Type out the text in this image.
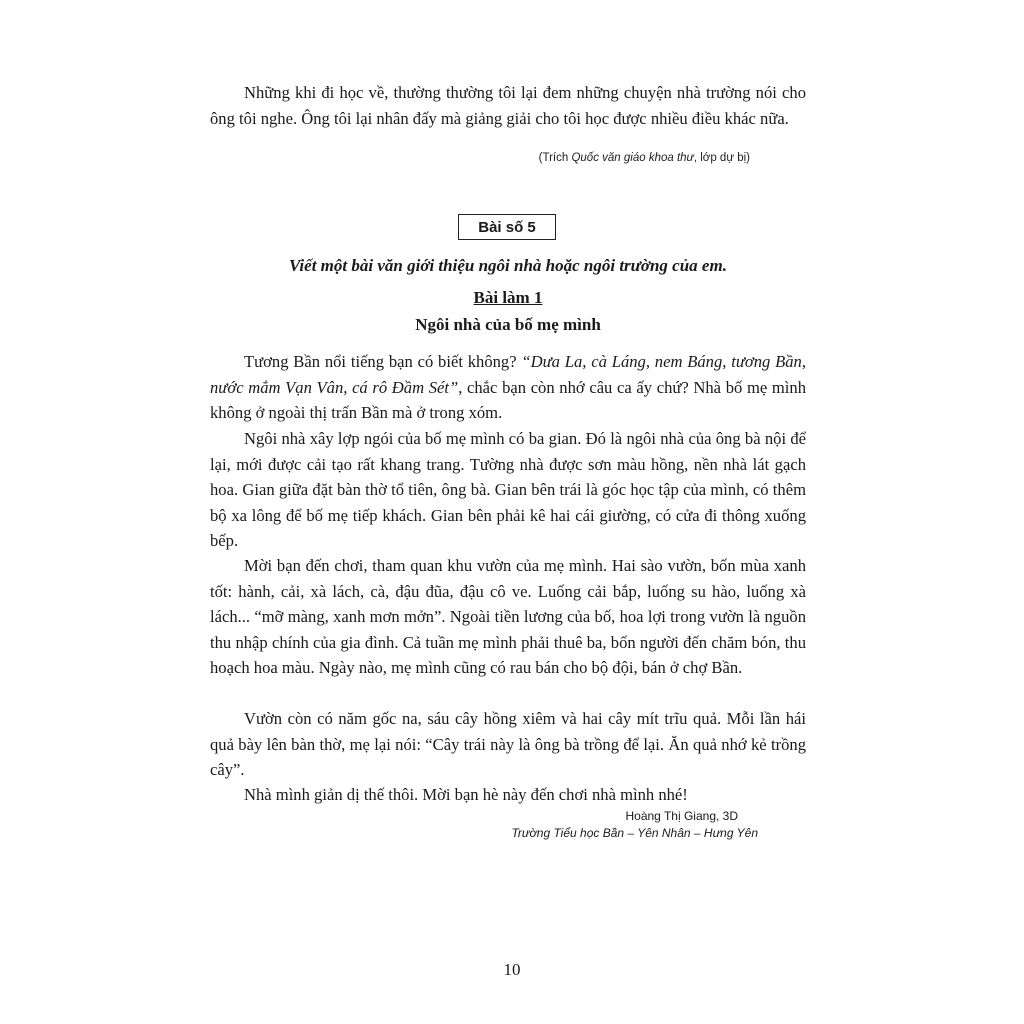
Những khi đi học về, thường thường tôi lại đem những chuyện nhà trường nói cho ông tôi nghe. Ông tôi lại nhân đấy mà giảng giải cho tôi học được nhiều điều khác nữa.

(Trích Quốc văn giáo khoa thư, lớp dự bị)
Bài số 5
Viết một bài văn giới thiệu ngôi nhà hoặc ngôi trường của em.
Bài làm 1
Ngôi nhà của bố mẹ mình

Tương Bần nổi tiếng bạn có biết không? “Dưa La, cà Láng, nem Báng, tương Bần, nước mắm Vạn Vân, cá rô Đầm Sét”, chắc bạn còn nhớ câu ca ấy chứ? Nhà bố mẹ mình không ở ngoài thị trấn Bần mà ở trong xóm.

Ngôi nhà xây lợp ngói của bố mẹ mình có ba gian. Đó là ngôi nhà của ông bà nội để lại, mới được cải tạo rất khang trang. Tường nhà được sơn màu hồng, nền nhà lát gạch hoa. Gian giữa đặt bàn thờ tổ tiên, ông bà. Gian bên trái là góc học tập của mình, có thêm bộ xa lông để bố mẹ tiếp khách. Gian bên phải kê hai cái giường, có cửa đi thông xuống bếp.

Mời bạn đến chơi, tham quan khu vườn của mẹ mình. Hai sào vườn, bốn mùa xanh tốt: hành, cải, xà lách, cà, đậu đũa, đậu cô ve. Luống cải bắp, luống su hào, luống xà lách... “mỡ màng, xanh mơn mởn”. Ngoài tiền lương của bố, hoa lợi trong vườn là nguồn thu nhập chính của gia đình. Cả tuần mẹ mình phải thuê ba, bốn người đến chăm bón, thu hoạch hoa màu. Ngày nào, mẹ mình cũng có rau bán cho bộ đội, bán ở chợ Bần.

Vườn còn có năm gốc na, sáu cây hồng xiêm và hai cây mít trĩu quả. Mỗi lần hái quả bày lên bàn thờ, mẹ lại nói: “Cây trái này là ông bà trồng để lại. Ăn quả nhớ kẻ trồng cây”.

Nhà mình giản dị thế thôi. Mời bạn hè này đến chơi nhà mình nhé!

Hoàng Thị Giang, 3D
Trường Tiểu học Bần – Yên Nhân – Hưng Yên
10
